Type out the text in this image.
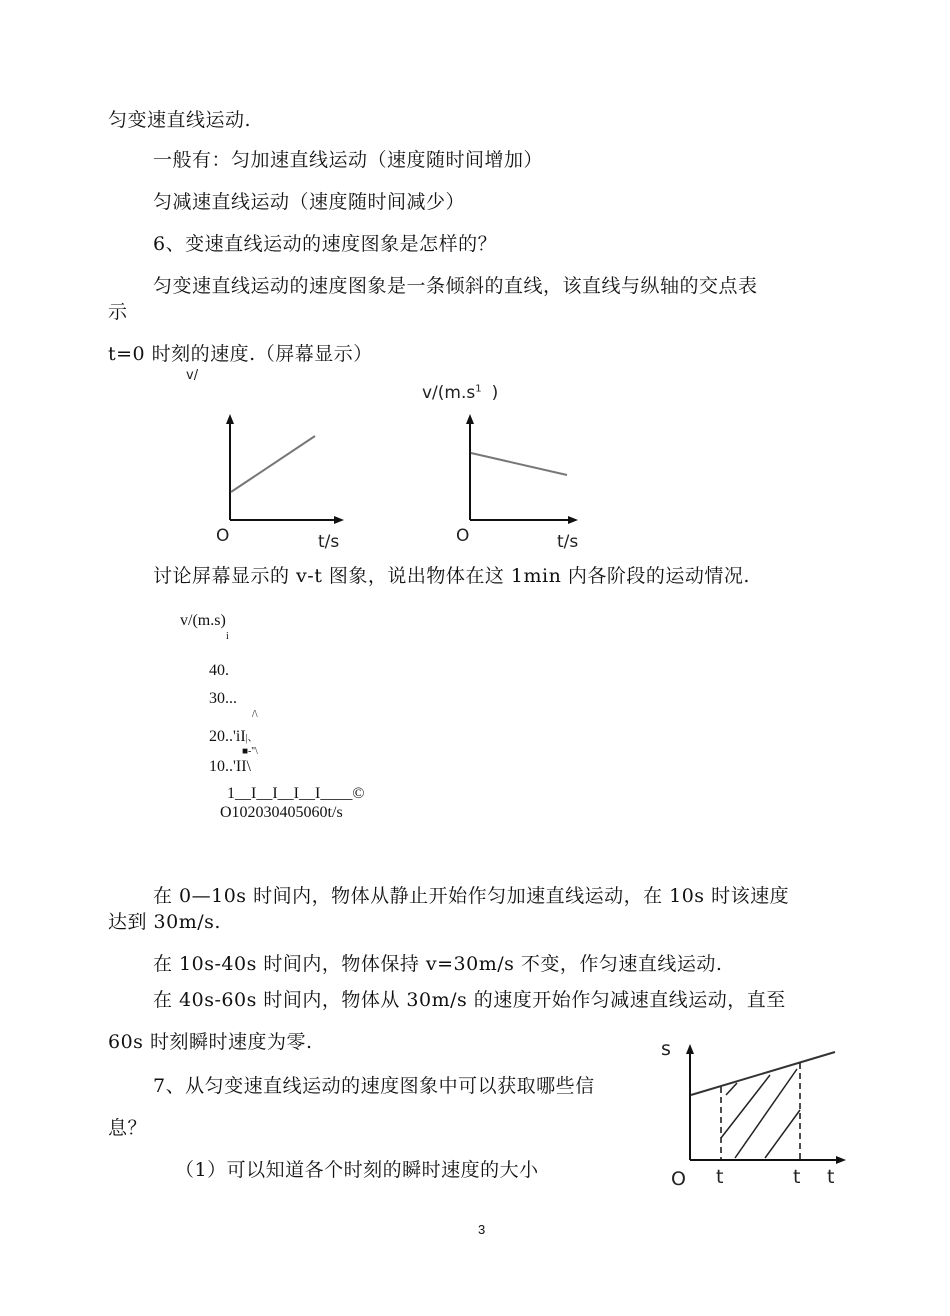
匀变速直线运动.
一般有：匀加速直线运动（速度随时间增加）
匀减速直线运动（速度随时间减少）
6、变速直线运动的速度图象是怎样的？
匀变速直线运动的速度图象是一条倾斜的直线，该直线与纵轴的交点表
示
t=0 时刻的速度.（屏幕显示）
v/
O	t/s
$v/(m.s^1$ )
O	t/s
讨论屏幕显示的 v-t 图象，说出物体在这 1min 内各阶段的运动情况.
v/(m.s)
i
40.
30...
/\
20..'iI|、
■-''\
10..'II\
1__I__I__I__I____©
O102030405060t/s
在 0—10s 时间内，物体从静止开始作匀加速直线运动，在 10s 时该速度
达到 30m/s.
在 10s-40s 时间内，物体保持 v=30m/s 不变，作匀速直线运动.
在 40s-60s 时间内，物体从 30m/s 的速度开始作匀减速直线运动，直至
60s 时刻瞬时速度为零.
7、从匀变速直线运动的速度图象中可以获取哪些信
息？
（1）可以知道各个时刻的瞬时速度的大小
s
O t	t t
3
